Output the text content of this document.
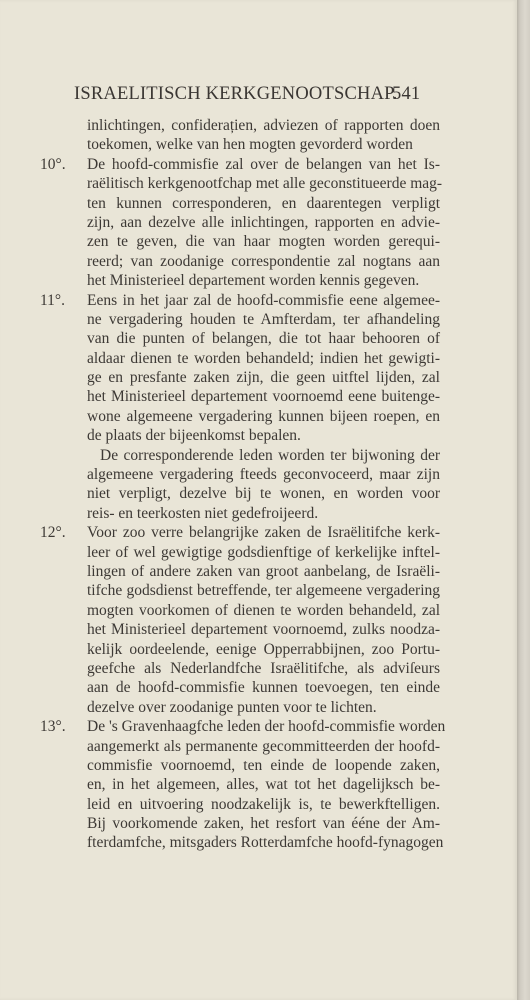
ISRAELITISCH KERKGENOOTSCHAP.
541
inlichtingen, confiderațien, adviezen of rapporten doen
toekomen, welke van hen mogten gevorderd worden
10°. De hoofd-commisfie zal over de belangen van het Is-
raëlitisch kerkgenootfchap met alle geconstitueerde mag-
ten kunnen corresponderen, en daarentegen verpligt
zijn, aan dezelve alle inlichtingen, rapporten en advie-
zen te geven, die van haar mogten worden gerequi-
reerd; van zoodanige correspondentie zal nogtans aan
het Ministerieel departement worden kennis gegeven.
11°. Eens in het jaar zal de hoofd-commisfie eene algemee-
ne vergadering houden te Amfterdam, ter afhandeling
van die punten of belangen, die tot haar behooren of
aldaar dienen te worden behandeld; indien het gewigti-
ge en presfante zaken zijn, die geen uitftel lijden, zal
het Ministerieel departement voornoemd eene buitenge-
wone algemeene vergadering kunnen bijeen roepen, en
de plaats der bijeenkomst bepalen.
De corresponderende leden worden ter bijwoning der
algemeene vergadering fteeds geconvoceerd, maar zijn
niet verpligt, dezelve bij te wonen, en worden voor
reis- en teerkosten niet gedefroijeerd.
12°. Voor zoo verre belangrijke zaken de Israëlitifche kerk-
leer of wel gewigtige godsdienftige of kerkelijke inftel-
lingen of andere zaken van groot aanbelang, de Israëli-
tifche godsdienst betreffende, ter algemeene vergadering
mogten voorkomen of dienen te worden behandeld, zal
het Ministerieel departement voornoemd, zulks noodza-
kelijk oordeelende, eenige Opperrabbijnen, zoo Portu-
geefche als Nederlandfche Israëlitifche, als adviſeurs
aan de hoofd-commisfie kunnen toevoegen, ten einde
dezelve over zoodanige punten voor te lichten.
13°. De 's Gravenhaagfche leden der hoofd-commisfie worden
aangemerkt als permanente gecommitteerden der hoofd-
commisfie voornoemd, ten einde de loopende zaken,
en, in het algemeen, alles, wat tot het dagelijksch be-
leid en uitvoering noodzakelijk is, te bewerkftelligen.
Bij voorkomende zaken, het resfort van ééne der Am-
fterdamfche, mitsgaders Rotterdamfche hoofd-fynagogen
